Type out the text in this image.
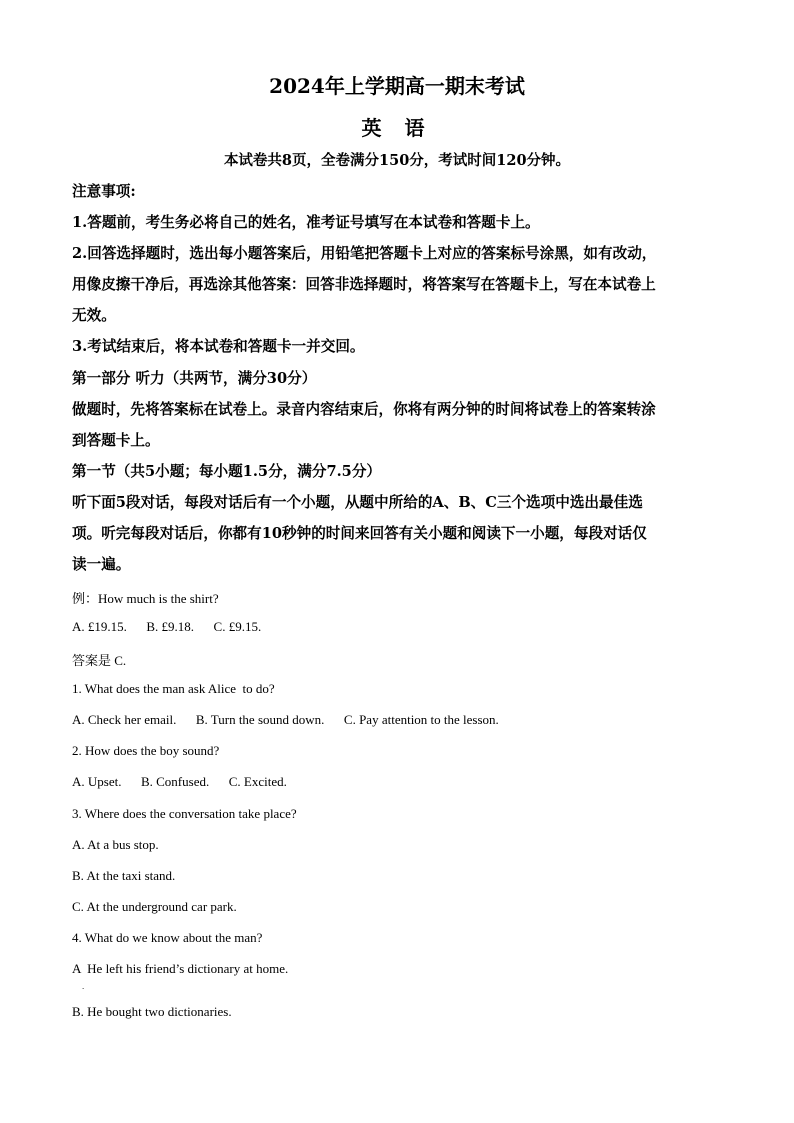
2024年上学期高一期末考试
英 语
本试卷共8页，全卷满分150分，考试时间120分钟。
注意事项:
1.答题前，考生务必将自己的姓名，准考证号填写在本试卷和答题卡上。
2.回答选择题时，选出每小题答案后，用铅笔把答题卡上对应的答案标号涂黑，如有改动，
用像皮擦干净后，再选涂其他答案：回答非选择题时，将答案写在答题卡上，写在本试卷上
无效。
3.考试结束后，将本试卷和答题卡一并交回。
第一部分 听力（共两节，满分30分）
做题时，先将答案标在试卷上。录音内容结束后，你将有两分钟的时间将试卷上的答案转涂
到答题卡上。
第一节（共5小题；每小题1.5分，满分7.5分）
听下面5段对话，每段对话后有一个小题，从题中所给的A、B、C三个选项中选出最佳选
项。听完每段对话后，你都有10秒钟的时间来回答有关小题和阅读下一小题，每段对话仅
读一遍。
例：How much is the shirt?
A. £19.15.      B. £9.18.      C. £9.15.
答案是 C.
1. What does the man ask Alice  to do?
A. Check her email.      B. Turn the sound down.      C. Pay attention to the lesson.
2. How does the boy sound?
A. Upset.      B. Confused.      C. Excited.
3. Where does the conversation take place?
A. At a bus stop.
B. At the taxi stand.
C. At the underground car park.
4. What do we know about the man?
A  He left his friend’s dictionary at home.
·
B. He bought two dictionaries.
